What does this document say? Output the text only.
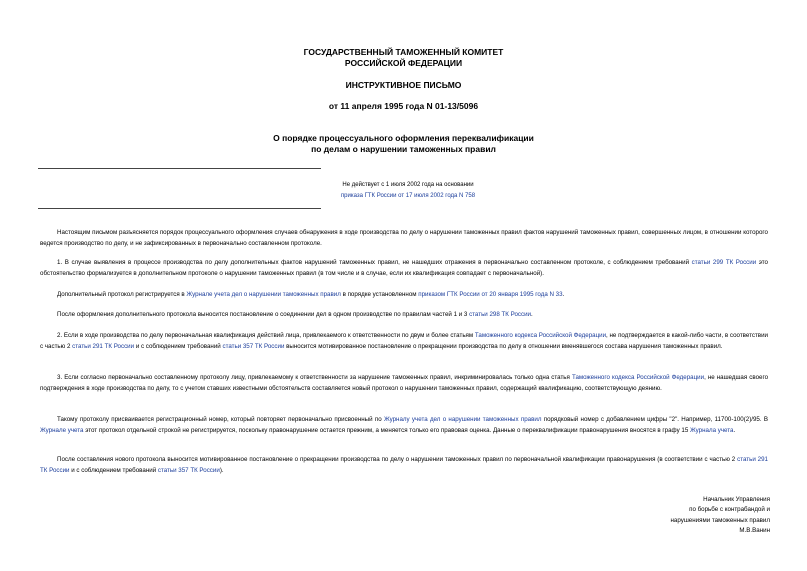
ГОСУДАРСТВЕННЫЙ ТАМОЖЕННЫЙ КОМИТЕТ
РОССИЙСКОЙ ФЕДЕРАЦИИ
ИНСТРУКТИВНОЕ ПИСЬМО
от 11 апреля 1995 года N 01-13/5096
О порядке процессуального оформления переквалификации
по делам о нарушении таможенных правил
Не действует с 1 июля 2002 года на основании
приказа ГТК России от 17 июля 2002 года N 758

Настоящим письмом разъясняется порядок процессуального оформления случаев обнаружения в ходе производства по делу о нарушении таможенных правил фактов нарушений таможенных правил, совершенных лицом, в отношении которого ведется производство по делу, и не зафиксированных в первоначально составленном протоколе.

1. В случае выявления в процессе производства по делу дополнительных фактов нарушений таможенных правил, не нашедших отражения в первоначально составленном протоколе, с соблюдением требований статьи 299 ТК России это обстоятельство формализуется в дополнительном протоколе о нарушении таможенных правил (в том числе и в случае, если их квалификация совпадает с первоначальной).

Дополнительный протокол регистрируется в Журнале учета дел о нарушении таможенных правил в порядке установленном приказом ГТК России от 20 января 1995 года N 33.

После оформления дополнительного протокола выносится постановление о соединении дел в одном производстве по правилам частей 1 и 3 статьи 298 ТК России.

2. Если в ходе производства по делу первоначальная квалификация действий лица, привлекаемого к ответственности по двум и более статьям Таможенного кодекса Российской Федерации, не подтверждается в какой-либо части, в соответствии с частью 2 статьи 291 ТК России и с соблюдением требований статьи 357 ТК России выносится мотивированное постановление о прекращении производства по делу в отношении вменявшегося состава нарушения таможенных правил.

3. Если согласно первоначально составленному протоколу лицу, привлекаемому к ответственности за нарушение таможенных правил, инкриминировалась только одна статья Таможенного кодекса Российской Федерации, не нашедшая своего подтверждения в ходе производства по делу, то с учетом ставших известными обстоятельств составляется новый протокол о нарушении таможенных правил, содержащий квалификацию, соответствующую деянию.

Такому протоколу присваивается регистрационный номер, который повторяет первоначально присвоенный по Журналу учета дел о нарушении таможенных правил порядковый номер с добавлением цифры "2". Например, 11700-100(2)/95. В Журнале учета этот протокол отдельной строкой не регистрируется, поскольку правонарушение остается прежним, а меняется только его правовая оценка. Данные о переквалификации правонарушения вносятся в графу 15 Журнала учета.

После составления нового протокола выносится мотивированное постановление о прекращении производства по делу о нарушении таможенных правил по первоначальной квалификации правонарушения (в соответствии с частью 2 статьи 291 ТК России и с соблюдением требований статьи 357 ТК России).

Начальник Управления
по борьбе с контрабандой и
нарушениями таможенных правил
М.В.Ванин
